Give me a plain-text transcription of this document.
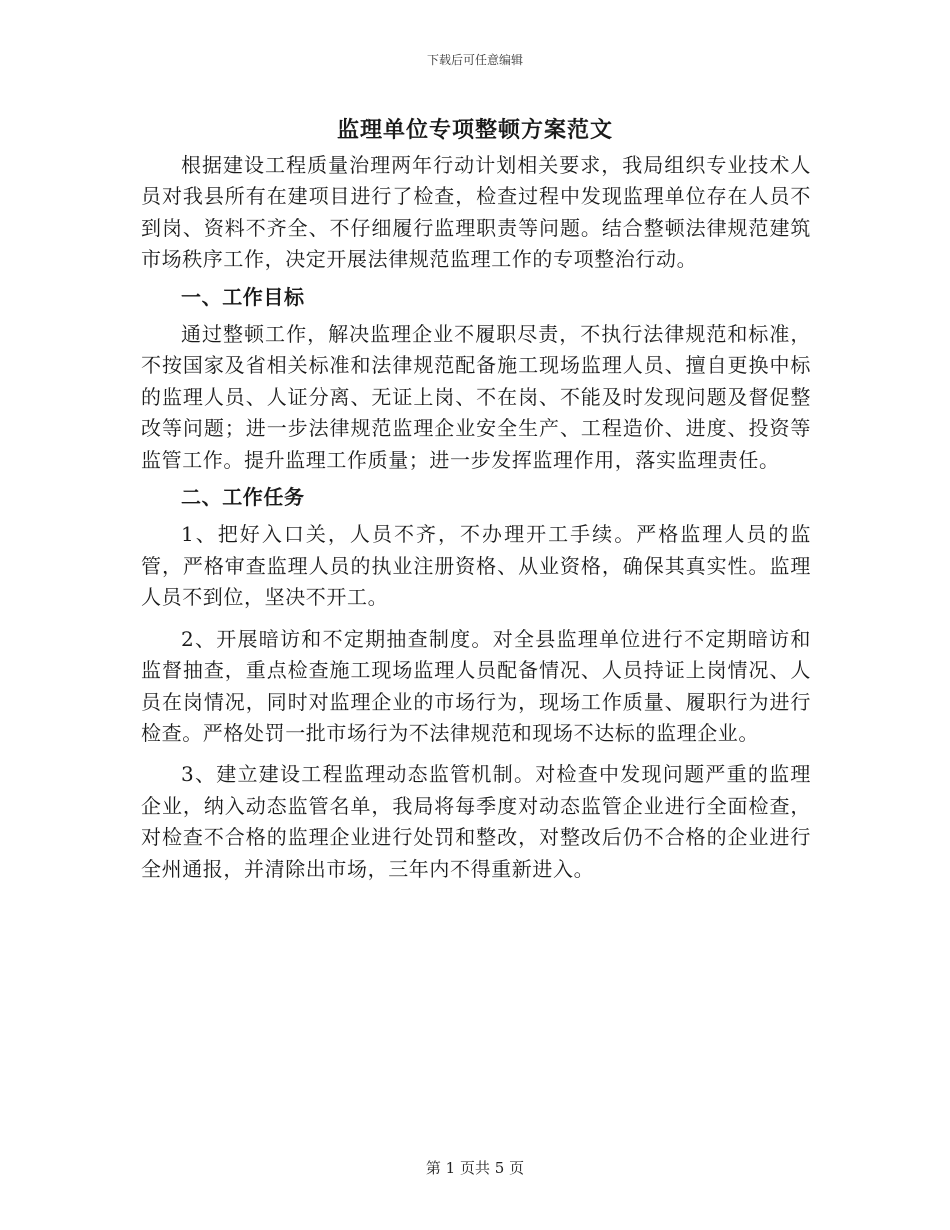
下载后可任意编辑
监理单位专项整顿方案范文

根据建设工程质量治理两年行动计划相关要求，我局组织专业技术人员对我县所有在建项目进行了检查，检查过程中发现监理单位存在人员不到岗、资料不齐全、不仔细履行监理职责等问题。结合整顿法律规范建筑市场秩序工作，决定开展法律规范监理工作的专项整治行动。

一、工作目标

通过整顿工作，解决监理企业不履职尽责，不执行法律规范和标准，不按国家及省相关标准和法律规范配备施工现场监理人员、擅自更换中标的监理人员、人证分离、无证上岗、不在岗、不能及时发现问题及督促整改等问题；进一步法律规范监理企业安全生产、工程造价、进度、投资等监管工作。提升监理工作质量；进一步发挥监理作用，落实监理责任。

二、工作任务

1、把好入口关，人员不齐，不办理开工手续。严格监理人员的监管，严格审查监理人员的执业注册资格、从业资格，确保其真实性。监理人员不到位，坚决不开工。

2、开展暗访和不定期抽查制度。对全县监理单位进行不定期暗访和监督抽查，重点检查施工现场监理人员配备情况、人员持证上岗情况、人员在岗情况，同时对监理企业的市场行为，现场工作质量、履职行为进行检查。严格处罚一批市场行为不法律规范和现场不达标的监理企业。

3、建立建设工程监理动态监管机制。对检查中发现问题严重的监理企业，纳入动态监管名单，我局将每季度对动态监管企业进行全面检查，对检查不合格的监理企业进行处罚和整改，对整改后仍不合格的企业进行全州通报，并清除出市场，三年内不得重新进入。

第 1 页共 5 页
